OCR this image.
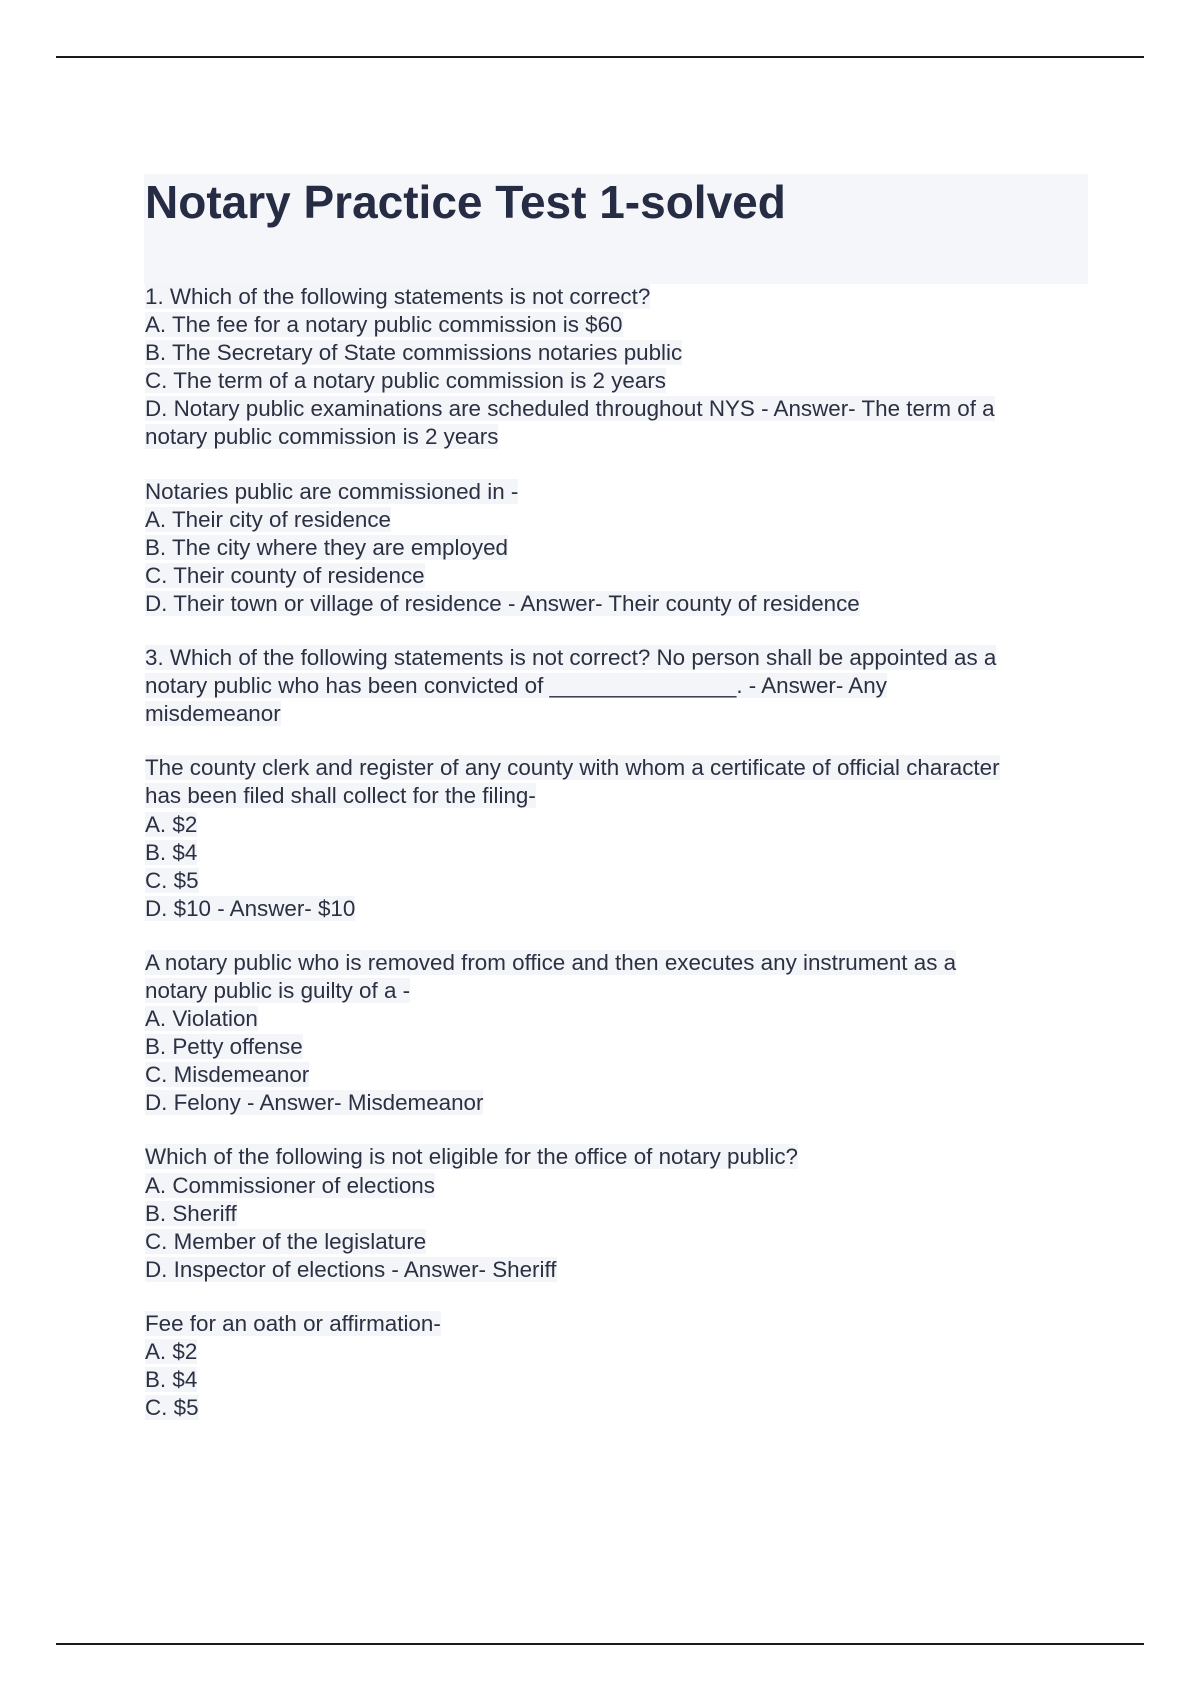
Notary Practice Test 1-solved
1. Which of the following statements is not correct?
A. The fee for a notary public commission is $60
B. The Secretary of State commissions notaries public
C. The term of a notary public commission is 2 years
D. Notary public examinations are scheduled throughout NYS - Answer- The term of a
notary public commission is 2 years
Notaries public are commissioned in -
A. Their city of residence
B. The city where they are employed
C. Their county of residence
D. Their town or village of residence - Answer- Their county of residence
3. Which of the following statements is not correct? No person shall be appointed as a
notary public who has been convicted of _______________. - Answer- Any
misdemeanor
The county clerk and register of any county with whom a certificate of official character
has been filed shall collect for the filing-
A. $2
B. $4
C. $5
D. $10 - Answer- $10
A notary public who is removed from office and then executes any instrument as a
notary public is guilty of a -
A. Violation
B. Petty offense
C. Misdemeanor
D. Felony - Answer- Misdemeanor
Which of the following is not eligible for the office of notary public?
A. Commissioner of elections
B. Sheriff
C. Member of the legislature
D. Inspector of elections - Answer- Sheriff
Fee for an oath or affirmation-
A. $2
B. $4
C. $5
